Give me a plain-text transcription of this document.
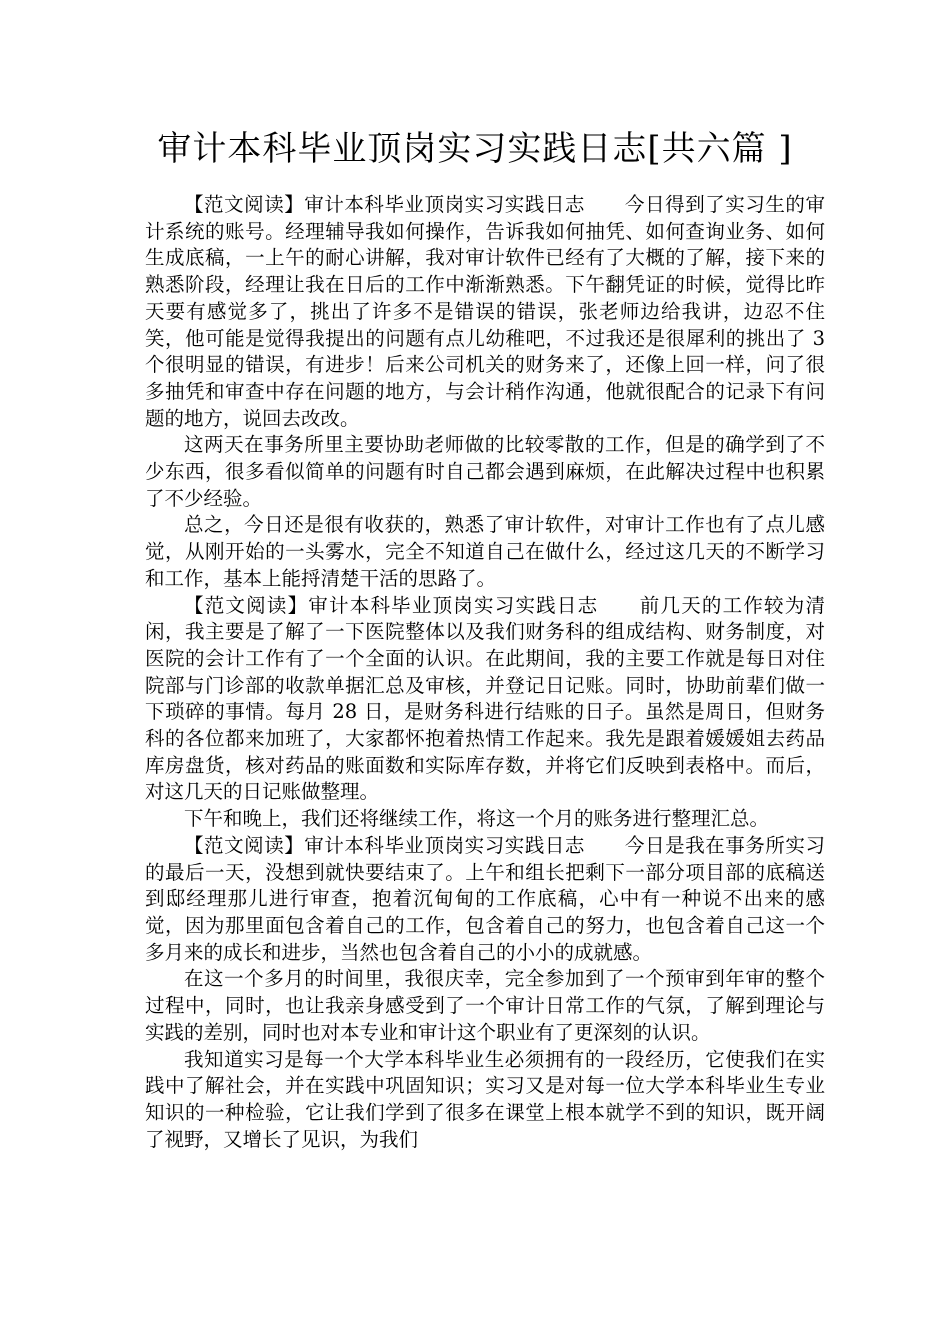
审计本科毕业顶岗实习实践日志[共六篇 ]

【范文阅读】审计本科毕业顶岗实习实践日志　　今日得到了实习生的审计系统的账号。经理辅导我如何操作，告诉我如何抽凭、如何查询业务、如何生成底稿，一上午的耐心讲解，我对审计软件已经有了大概的了解，接下来的熟悉阶段，经理让我在日后的工作中渐渐熟悉。下午翻凭证的时候，觉得比昨天要有感觉多了，挑出了许多不是错误的错误，张老师边给我讲，边忍不住笑，他可能是觉得我提出的问题有点儿幼稚吧，不过我还是很犀利的挑出了 3 个很明显的错误，有进步！后来公司机关的财务来了，还像上回一样，问了很多抽凭和审查中存在问题的地方，与会计稍作沟通，他就很配合的记录下有问题的地方，说回去改改。

这两天在事务所里主要协助老师做的比较零散的工作，但是的确学到了不少东西，很多看似简单的问题有时自己都会遇到麻烦，在此解决过程中也积累了不少经验。

总之，今日还是很有收获的，熟悉了审计软件，对审计工作也有了点儿感觉，从刚开始的一头雾水，完全不知道自己在做什么，经过这几天的不断学习和工作，基本上能捋清楚干活的思路了。

【范文阅读】审计本科毕业顶岗实习实践日志　　前几天的工作较为清闲，我主要是了解了一下医院整体以及我们财务科的组成结构、财务制度，对医院的会计工作有了一个全面的认识。在此期间，我的主要工作就是每日对住院部与门诊部的收款单据汇总及审核，并登记日记账。同时，协助前辈们做一下琐碎的事情。每月 28 日，是财务科进行结账的日子。虽然是周日，但财务科的各位都来加班了，大家都怀抱着热情工作起来。我先是跟着媛媛姐去药品库房盘货，核对药品的账面数和实际库存数，并将它们反映到表格中。而后，对这几天的日记账做整理。

下午和晚上，我们还将继续工作，将这一个月的账务进行整理汇总。

【范文阅读】审计本科毕业顶岗实习实践日志　　今日是我在事务所实习的最后一天，没想到就快要结束了。上午和组长把剩下一部分项目部的底稿送到邸经理那儿进行审查，抱着沉甸甸的工作底稿，心中有一种说不出来的感觉，因为那里面包含着自己的工作，包含着自己的努力，也包含着自己这一个多月来的成长和进步，当然也包含着自己的小小的成就感。

在这一个多月的时间里，我很庆幸，完全参加到了一个预审到年审的整个过程中，同时，也让我亲身感受到了一个审计日常工作的气氛，了解到理论与实践的差别，同时也对本专业和审计这个职业有了更深刻的认识。

我知道实习是每一个大学本科毕业生必须拥有的一段经历，它使我们在实践中了解社会，并在实践中巩固知识；实习又是对每一位大学本科毕业生专业知识的一种检验，它让我们学到了很多在课堂上根本就学不到的知识，既开阔了视野，又增长了见识，为我们
